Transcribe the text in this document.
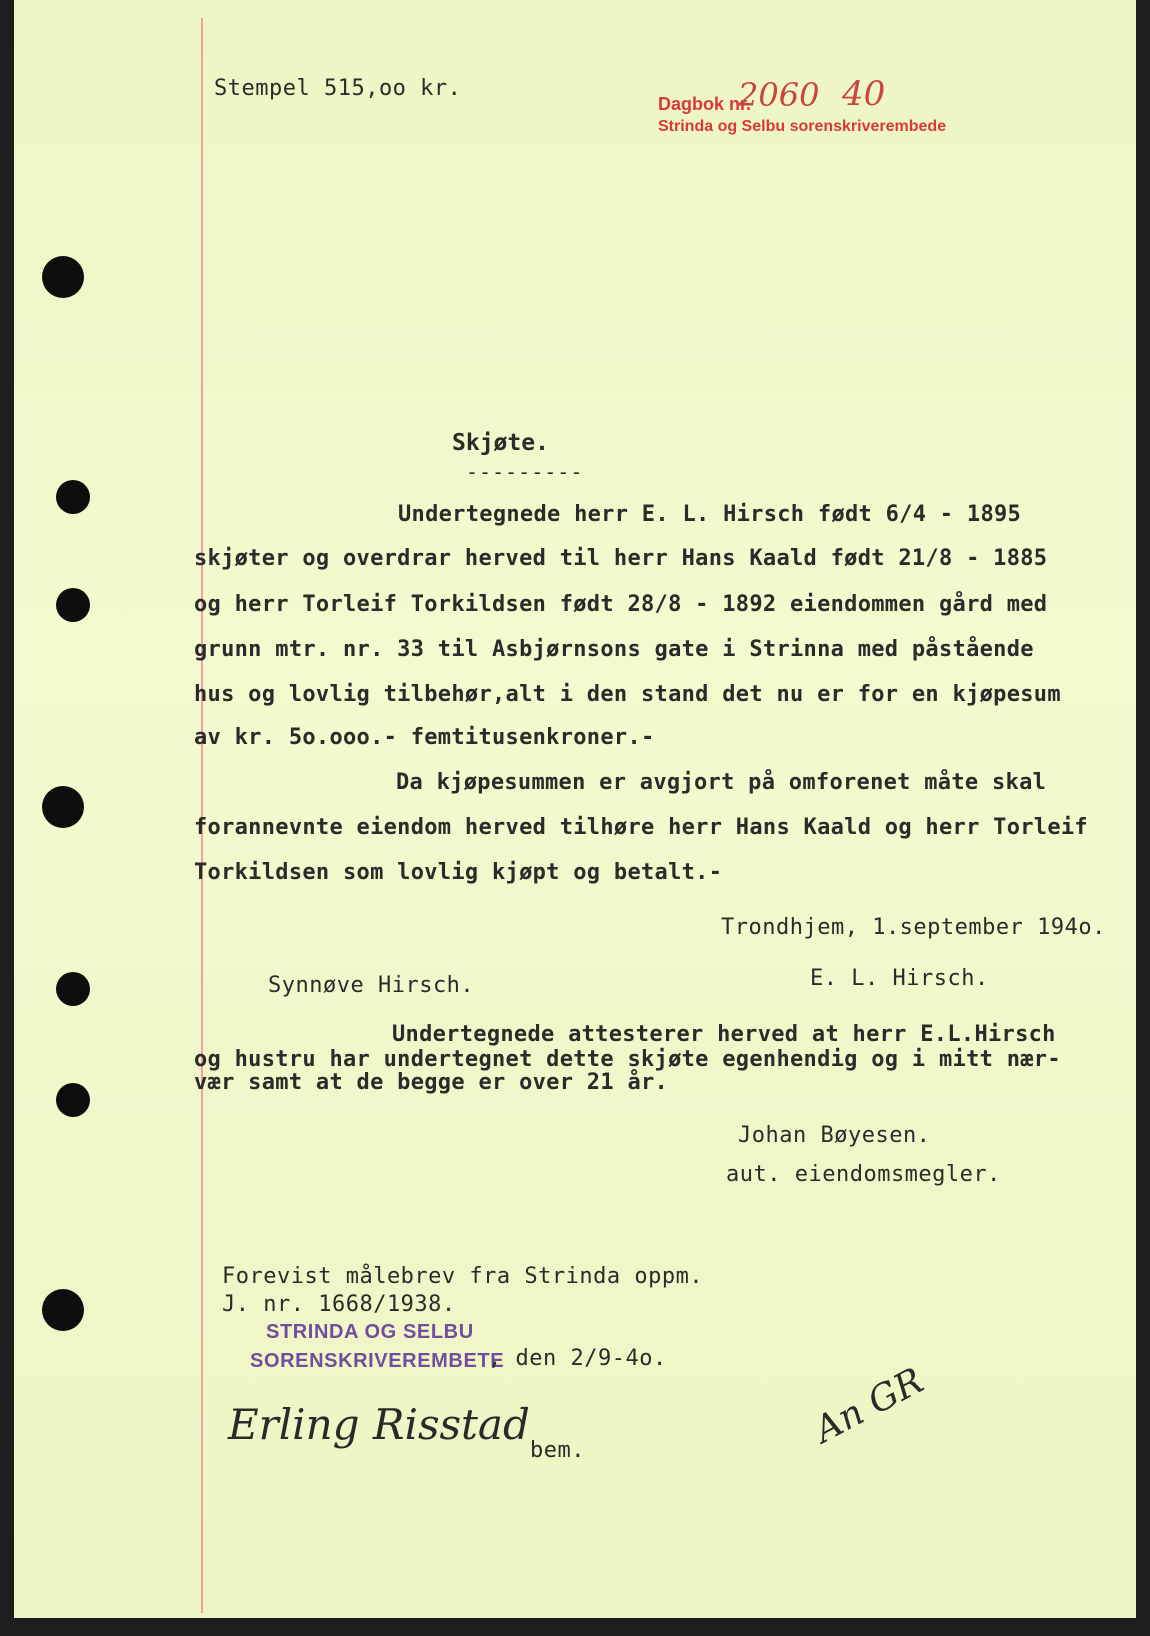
Stempel 515,oo kr.
Dagbok nr.
2060 40
Strinda og Selbu sorenskriverembede
Skjøte.
---------
Undertegnede herr E. L. Hirsch født 6/4 - 1895
skjøter og overdrar herved til herr Hans Kaald født 21/8 - 1885
og herr Torleif Torkildsen født 28/8 - 1892 eiendommen gård med
grunn mtr. nr. 33 til Asbjørnsons gate i Strinna med påstående
hus og lovlig tilbehør,alt i den stand det nu er for en kjøpesum
av kr. 5o.ooo.- femtitusenkroner.-
Da kjøpesummen er avgjort på omforenet måte skal
forannevnte eiendom herved tilhøre herr Hans Kaald og herr Torleif
Torkildsen som lovlig kjøpt og betalt.-
Trondhjem, 1.september 194o.
Synnøve Hirsch.	E. L. Hirsch.
Undertegnede attesterer herved at herr E.L.Hirsch
og hustru har undertegnet dette skjøte egenhendig og i mitt nær-
vær samt at de begge er over 21 år.
Johan Bøyesen.
aut. eiendomsmegler.
Forevist målebrev fra Strinda oppm.
J. nr. 1668/1938.
STRINDA OG SELBU
SORENSKRIVEREMBETE
, den 2/9-4o.
Erling Risstad
bem.	An GR
